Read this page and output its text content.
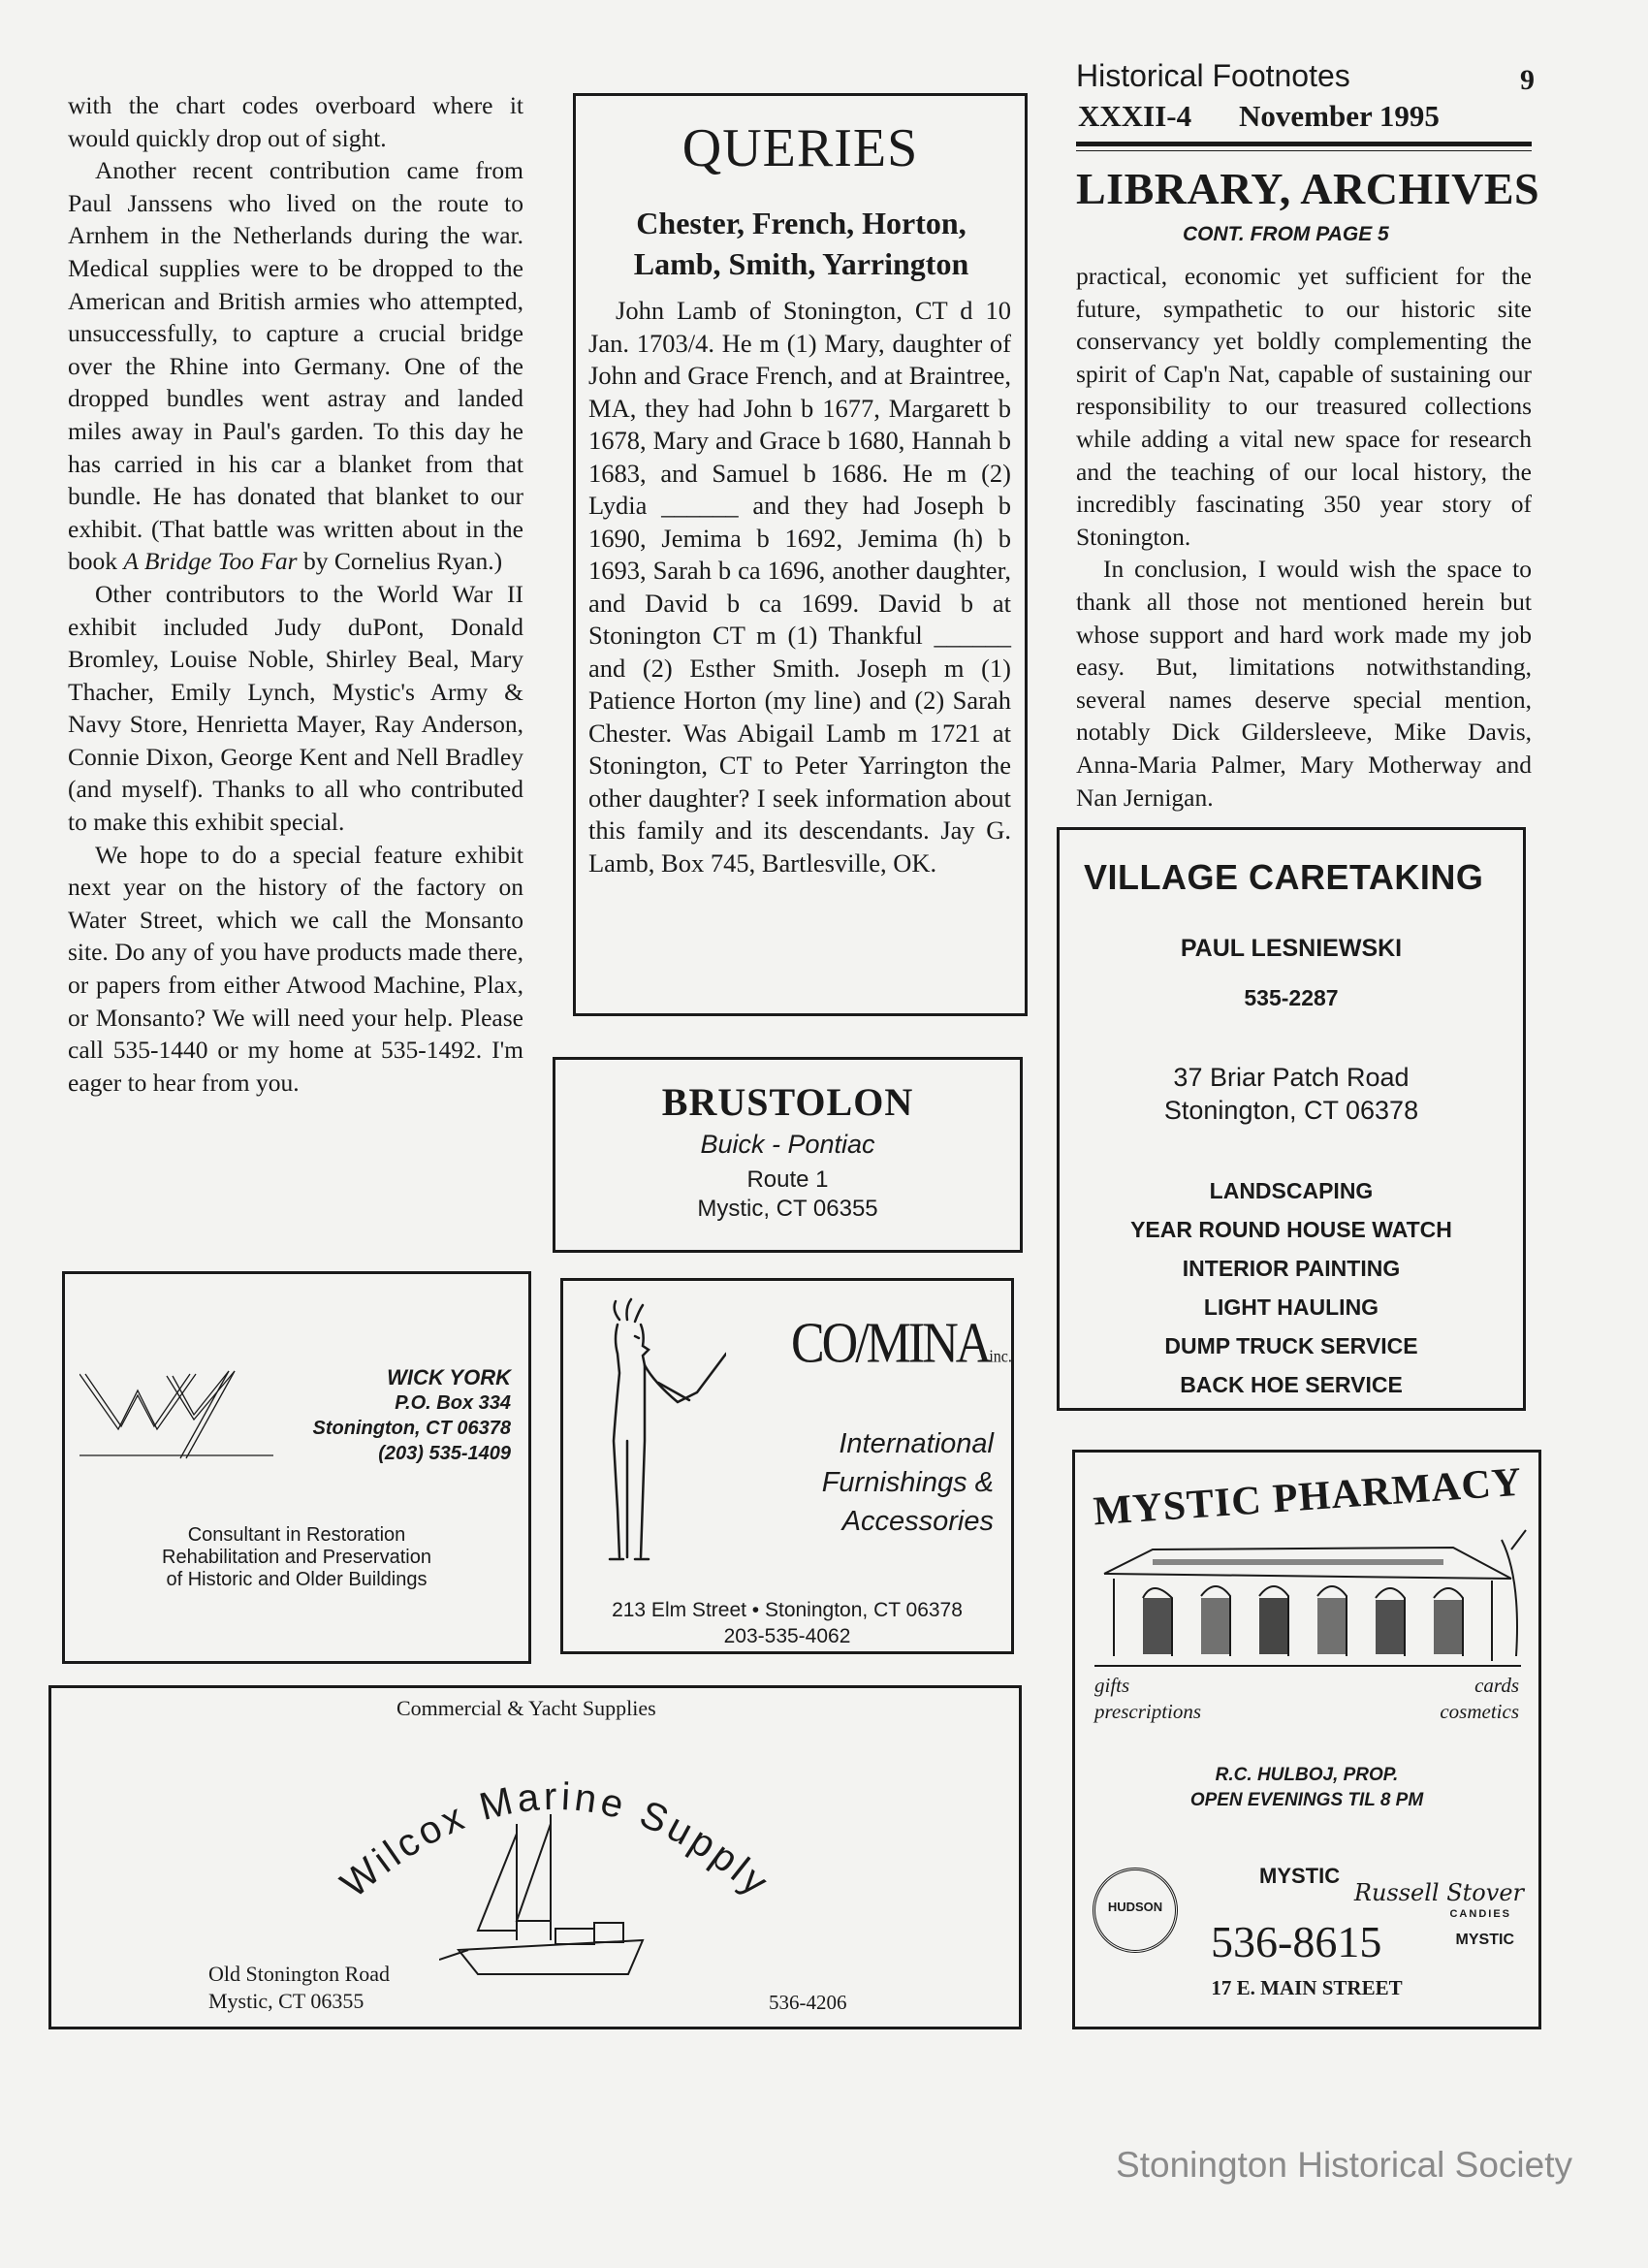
Historical Footnotes	9
XXXII-4 November 1995

with the chart codes overboard where it would quickly drop out of sight.

Another recent contribution came from Paul Janssens who lived on the route to Arnhem in the Netherlands during the war. Medical supplies were to be dropped to the American and British armies who attempted, unsuccessfully, to capture a crucial bridge over the Rhine into Germany. One of the dropped bundles went astray and landed miles away in Paul's garden. To this day he has carried in his car a blanket from that bundle. He has donated that blanket to our exhibit. (That battle was written about in the book A Bridge Too Far by Cornelius Ryan.)

Other contributors to the World War II exhibit included Judy duPont, Donald Bromley, Louise Noble, Shirley Beal, Mary Thacher, Emily Lynch, Mystic's Army & Navy Store, Henrietta Mayer, Ray Anderson, Connie Dixon, George Kent and Nell Bradley (and myself). Thanks to all who contributed to make this exhibit special.

We hope to do a special feature exhibit next year on the history of the factory on Water Street, which we call the Monsanto site. Do any of you have products made there, or papers from either Atwood Machine, Plax, or Monsanto? We will need your help. Please call 535-1440 or my home at 535-1492. I'm eager to hear from you.

QUERIES
Chester, French, Horton, Lamb, Smith, Yarrington

John Lamb of Stonington, CT d 10 Jan. 1703/4. He m (1) Mary, daughter of John and Grace French, and at Braintree, MA, they had John b 1677, Margarett b 1678, Mary and Grace b 1680, Hannah b 1683, and Samuel b 1686. He m (2) Lydia ______ and they had Joseph b 1690, Jemima b 1692, Jemima (h) b 1693, Sarah b ca 1696, another daughter, and David b ca 1699. David b at Stonington CT m (1) Thankful ______ and (2) Esther Smith. Joseph m (1) Patience Horton (my line) and (2) Sarah Chester. Was Abigail Lamb m 1721 at Stonington, CT to Peter Yarrington the other daughter? I seek information about this family and its descendants. Jay G. Lamb, Box 745, Bartlesville, OK.

LIBRARY, ARCHIVES
CONT. FROM PAGE 5

practical, economic yet sufficient for the future, sympathetic to our historic site conservancy yet boldly complementing the spirit of Cap'n Nat, capable of sustaining our responsibility to our treasured collections while adding a vital new space for research and the teaching of our local history, the incredibly fascinating 350 year story of Stonington.

In conclusion, I would wish the space to thank all those not mentioned herein but whose support and hard work made my job easy. But, limitations notwithstanding, several names deserve special mention, notably Dick Gildersleeve, Mike Davis, Anna-Maria Palmer, Mary Motherway and Nan Jernigan.

BRUSTOLON
Buick - Pontiac
Route 1
Mystic, CT 06355
VILLAGE CARETAKING
PAUL LESNIEWSKI
535-2287
37 Briar Patch Road
Stonington, CT 06378
LANDSCAPING
YEAR ROUND HOUSE WATCH
INTERIOR PAINTING
LIGHT HAULING
DUMP TRUCK SERVICE
BACK HOE SERVICE
WICK YORK
P.O. Box 334
Stonington, CT 06378
(203) 535-1409
Consultant in Restoration
Rehabilitation and Preservation
of Historic and Older Buildings
CO/MINAinc.
International
Furnishings &
Accessories
213 Elm Street • Stonington, CT 06378
203-535-4062
MYSTIC PHARMACY
gifts
prescriptions
cards
cosmetics
R.C. HULBOJ, PROP.
OPEN EVENINGS TIL 8 PM
MYSTIC
HUDSON
Russell Stover
CANDIES
536-8615	MYSTIC
17 E. MAIN STREET
Commercial & Yacht Supplies
Wilcox Marine Supply
Old Stonington Road
Mystic, CT 06355	536-4206
Stonington Historical Society
